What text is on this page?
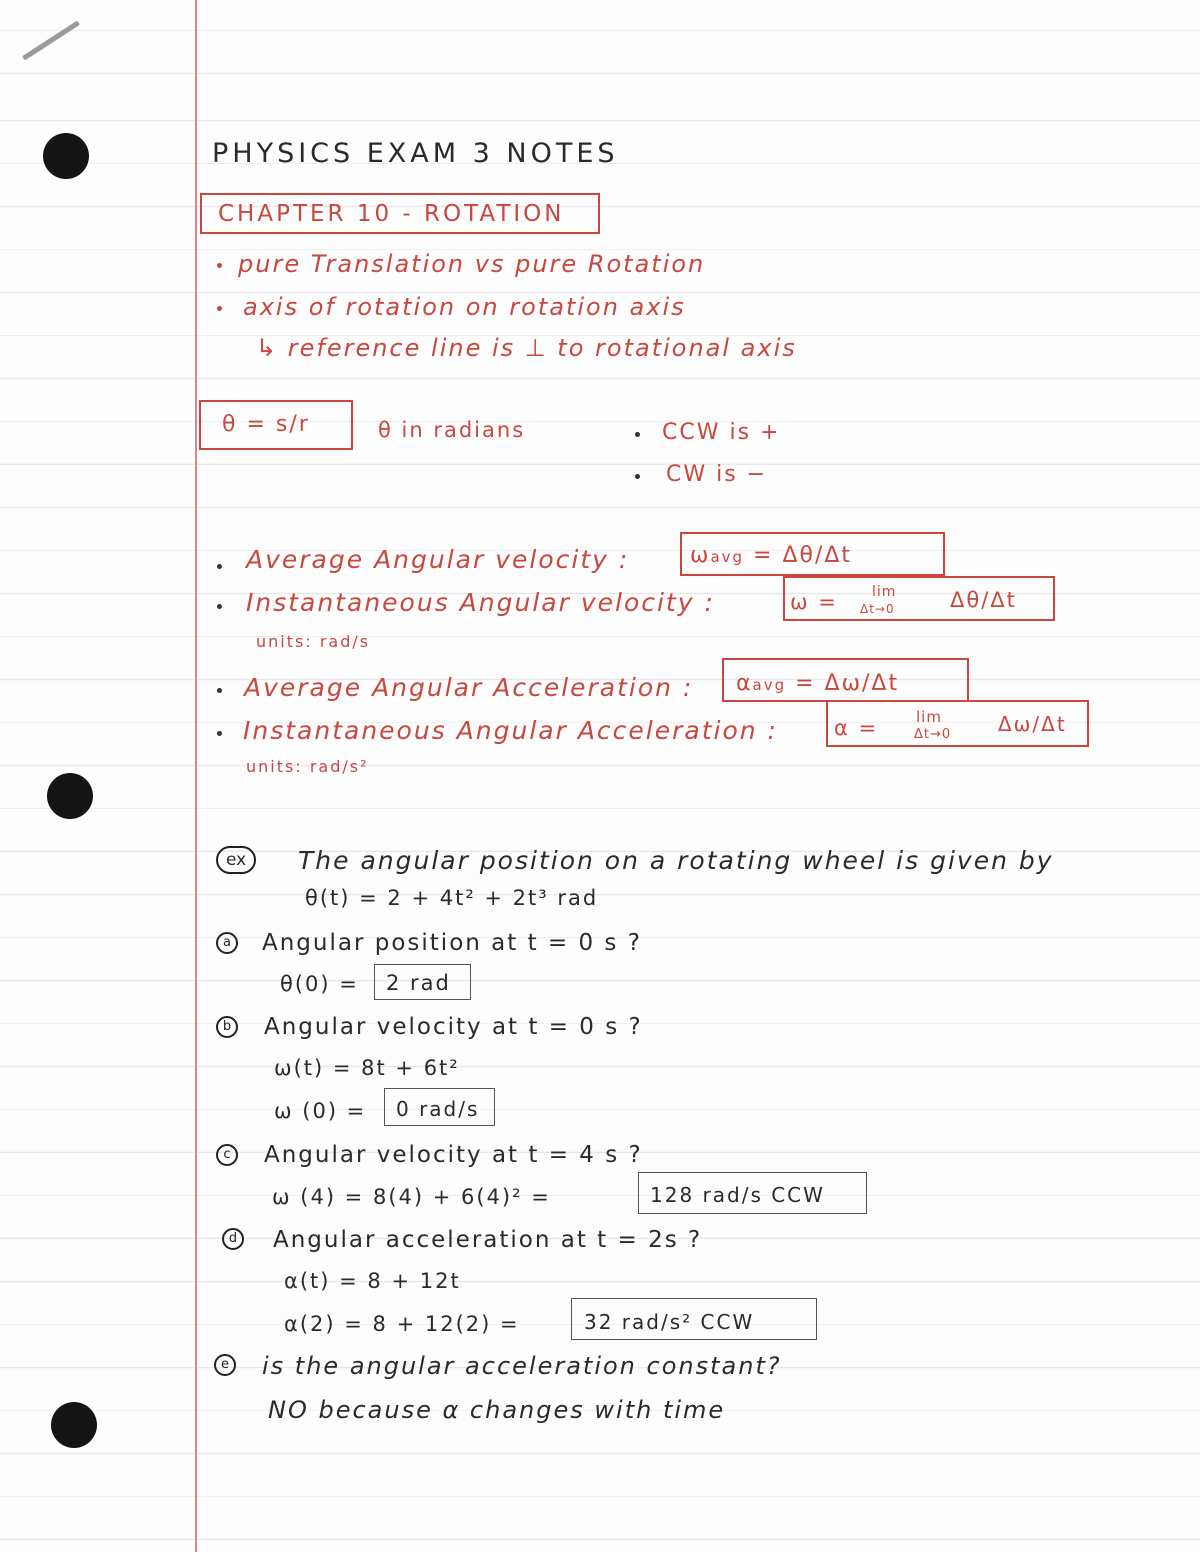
PHYSICS EXAM 3 NOTES
CHAPTER 10 - ROTATION
pure Translation vs pure Rotation
axis of rotation on rotation axis
↳ reference line is ⊥ to rotational axis
θ = s/r	θ in radians	CCW is +
CW is −
Average Angular velocity :	ωavg = Δθ/Δt
Instantaneous Angular velocity :	ω = lim
Δt→0	Δθ/Δt
units: rad/s
Average Angular Acceleration : αavg = Δω/Δt
Instantaneous Angular Acceleration :	α =	lim
Δt→0 Δω/Δt
units: rad/s²
ex	The angular position on a rotating wheel is given by
θ(t) = 2 + 4t² + 2t³ rad
a	Angular position at t = 0 s ?
θ(0) = 2 rad
b Angular velocity at t = 0 s ?
ω(t) = 8t + 6t²
ω (0) = 0 rad/s
c	Angular velocity at t = 4 s ?
ω (4) = 8(4) + 6(4)² =	128 rad/s CCW
d Angular acceleration at t = 2s ?
α(t) = 8 + 12t
α(2) = 8 + 12(2) =	32 rad/s² CCW
e is the angular acceleration constant?
NO because α changes with time
